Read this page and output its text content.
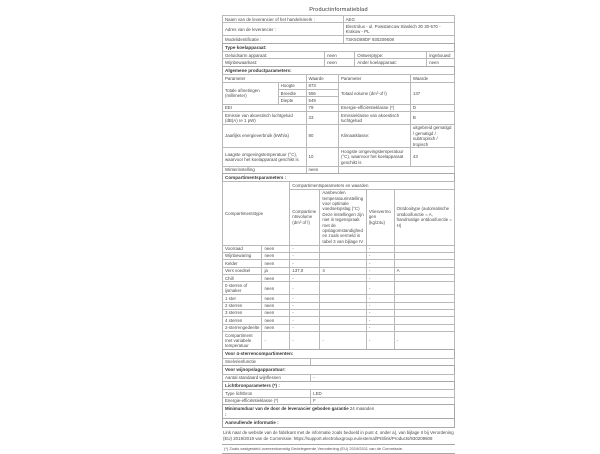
Productinformatieblad
Naam van de leverancier of het handelsmerk :	AEG
Adres van de leverancier :	Electrolux - ul. Powstancow Slaskich 30 30-570 - Krakow - PL
Modelidentificatie :	TSK5O88DF 930209608
Type koelapparaat:
Geluidsarm apparaat:	neen	Ontwerptype:	ingebouwd
Wijnbewaarkast:	neen	Ander koelapparaat:	neen
Algemene productparameters:
Parameter		Waarde	Parameter	Waarde
Totale afmetingen (millimeter)	Hoogte	873	Totaal volume (dm³ of l)	137
	Breedte	556		
	Diepte	549		
EEI		79	Energie-efficiëntieklasse (*)	D
Emissie van akoestisch luchtgeluid (dB(A) re 1 pW)		33	Emissieklasse van akoestisch luchtgeluid	B
Jaarlijks energieverbruik (kWh/a)		80	Klimaatklasse:	uitgebreid gematigd / gematigd / subtropisch / tropisch
Laagste omgevingstemperatuur (°C), waarvoor het koelapparaat geschikt is		10	Hoogste omgevingstemperatuur (°C), waarvoor het koelapparaat geschikt is	43
Winterinstelling		neen		
Compartimentsparameters :
Compartimentstype		Compartimentsparameters en waarden			
		Compartimentsvolume (dm³ of l)	Aanbevolen temperatuurinstelling voor optimale voedselopslag (°C) Deze instellingen zijn niet in tegenspraak met de opslagomstandigheden zoals vermeld in tabel 3 van bijlage IV	Vriesvermogen (kg/24u)	Ontdooitype (automatische ontdooifunctie = A, handmatige ontdooifunctie = H)
Voorraad	neen	-		-	
Wijnbewaring	neen	-		-	
Kelder	neen	-		-	
Vers voedsel	ja	137,0	4	-	A
Chill	neen	-		-	
0 sterren of ijsmaker	neen	-		-	
1 ster	neen	-		-	
2 sterren	neen	-		-	
3 sterren	neen	-		-	
4 sterren	neen	-		-	
2-sterrengedeelte	neen	-		-	
Compartiment met variabele temperatuur	-	-	-	-	-
Voor 4-sterrencompartimenten:
Snelvriesfunctie	
Voor wijnopslagapparatuur:
Aantal standaard wijnflessen	-
Lichtbronparameters (*) :
Type lichtbron	LED
Energie-efficiëntieklasse (*)	F
Minimumduur van de door de leverancier geboden garantie :
24 maanden
Aanvullende informatie :
Link naar de website van de fabrikant met de informatie zoals bedoeld in punt 4, onder a), van bijlage II bij Verordening (EU) 2019/2019 van de Commissie: https://support.electroluxgroup.eu/external/PISlink/Products/930209608
(*) Zoals vastgesteld overeenkomstig Gedelegeerde Verordening (EU) 2019/2011 van de Commissie.
